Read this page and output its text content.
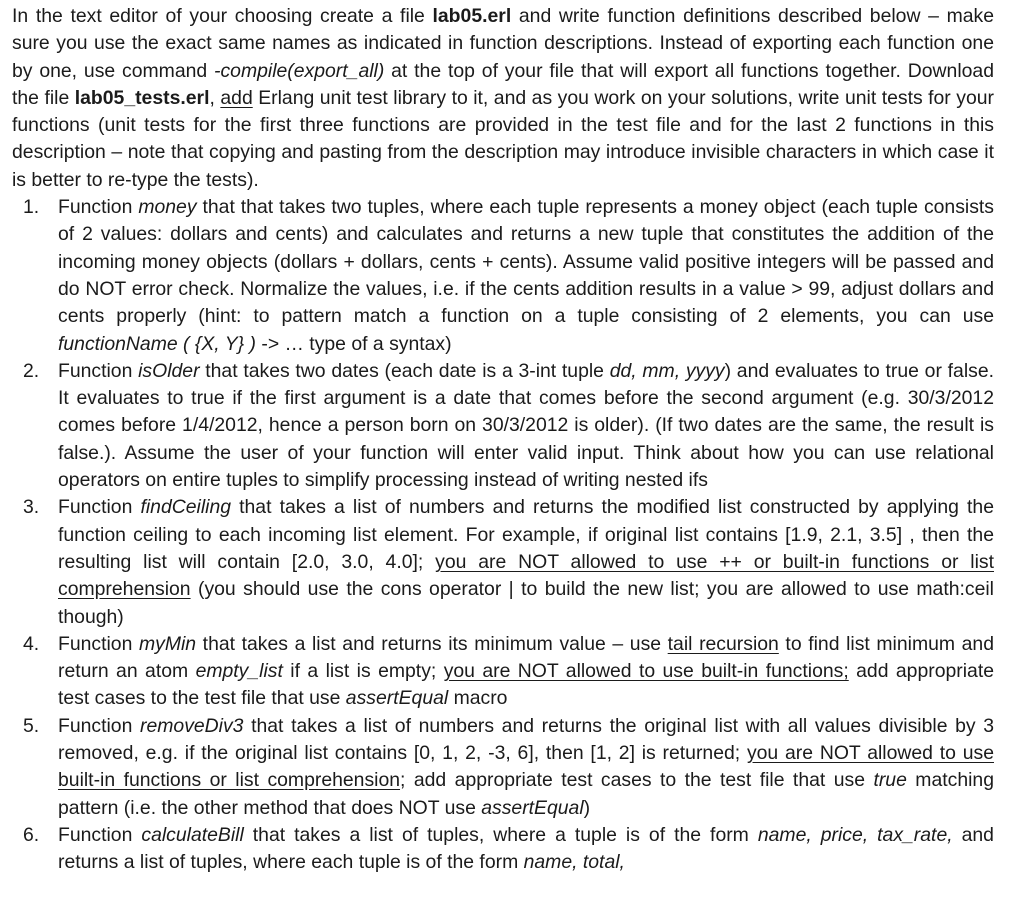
In the text editor of your choosing create a file lab05.erl and write function definitions described below – make sure you use the exact same names as indicated in function descriptions. Instead of exporting each function one by one, use command -compile(export_all) at the top of your file that will export all functions together. Download the file lab05_tests.erl, add Erlang unit test library to it, and as you work on your solutions, write unit tests for your functions (unit tests for the first three functions are provided in the test file and for the last 2 functions in this description – note that copying and pasting from the description may introduce invisible characters in which case it is better to re-type the tests).

1. Function money that that takes two tuples, where each tuple represents a money object (each tuple consists of 2 values: dollars and cents) and calculates and returns a new tuple that constitutes the addition of the incoming money objects (dollars + dollars, cents + cents). Assume valid positive integers will be passed and do NOT error check. Normalize the values, i.e. if the cents addition results in a value > 99, adjust dollars and cents properly (hint: to pattern match a function on a tuple consisting of 2 elements, you can use functionName ( {X, Y} ) -> … type of a syntax)
2. Function isOlder that takes two dates (each date is a 3-int tuple dd, mm, yyyy) and evaluates to true or false. It evaluates to true if the first argument is a date that comes before the second argument (e.g. 30/3/2012 comes before 1/4/2012, hence a person born on 30/3/2012 is older). (If two dates are the same, the result is false.). Assume the user of your function will enter valid input. Think about how you can use relational operators on entire tuples to simplify processing instead of writing nested ifs
3. Function findCeiling that takes a list of numbers and returns the modified list constructed by applying the function ceiling to each incoming list element. For example, if original list contains [1.9, 2.1, 3.5] , then the resulting list will contain [2.0, 3.0, 4.0]; you are NOT allowed to use ++ or built-in functions or list comprehension (you should use the cons operator | to build the new list; you are allowed to use math:ceil though)
4. Function myMin that takes a list and returns its minimum value – use tail recursion to find list minimum and return an atom empty_list if a list is empty; you are NOT allowed to use built-in functions; add appropriate test cases to the test file that use assertEqual macro
5. Function removeDiv3 that takes a list of numbers and returns the original list with all values divisible by 3 removed, e.g. if the original list contains [0, 1, 2, -3, 6], then [1, 2] is returned; you are NOT allowed to use built-in functions or list comprehension; add appropriate test cases to the test file that use true matching pattern (i.e. the other method that does NOT use assertEqual)
6. Function calculateBill that takes a list of tuples, where a tuple is of the form name, price, tax_rate, and returns a list of tuples, where each tuple is of the form name, total,
